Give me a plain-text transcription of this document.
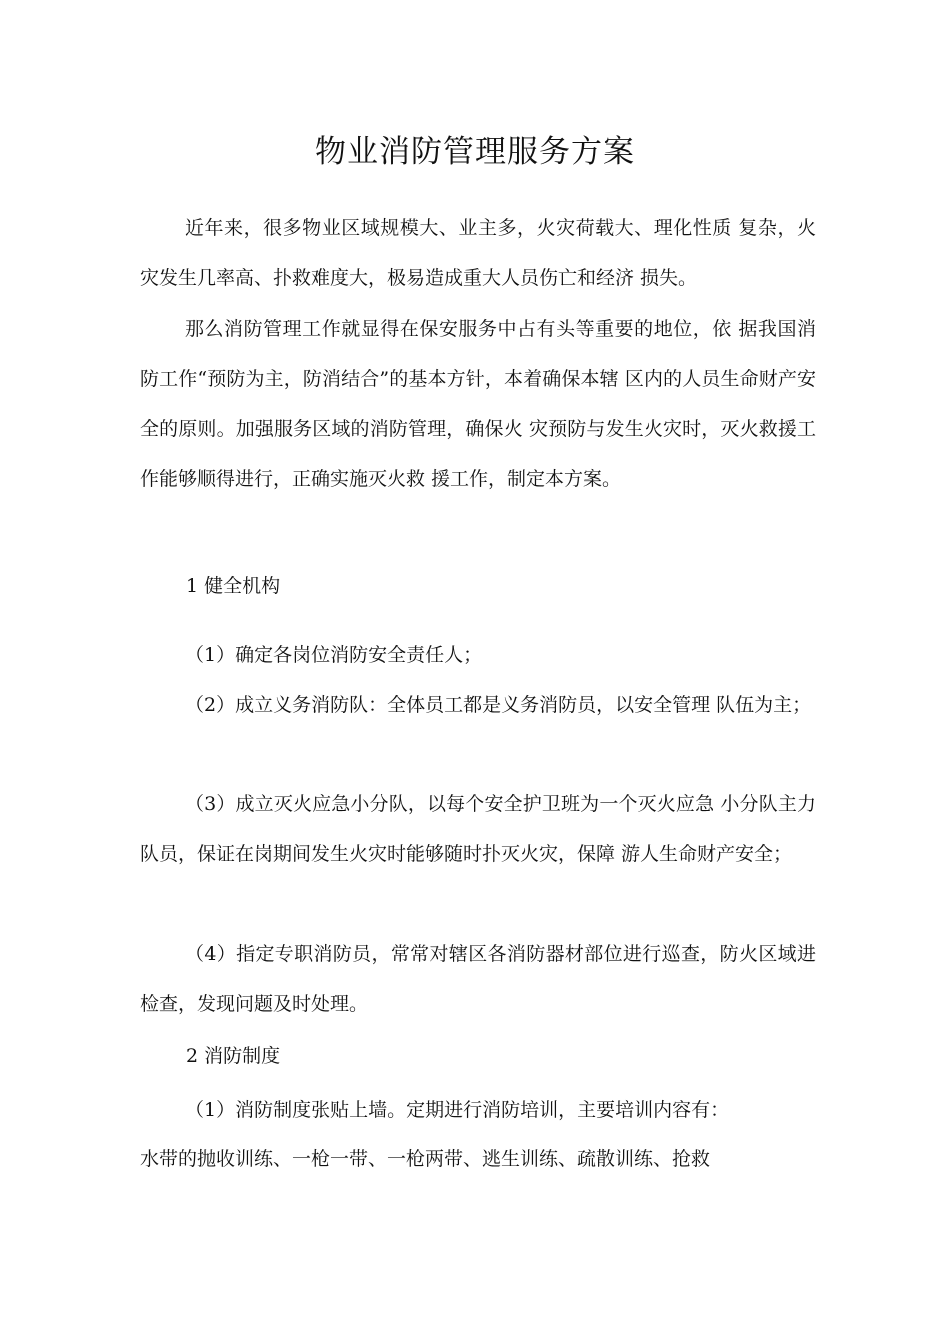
物业消防管理服务方案

近年来，很多物业区域规模大、业主多，火灾荷载大、理化性质 复杂，火灾发生几率高、扑救难度大，极易造成重大人员伤亡和经济 损失。

那么消防管理工作就显得在保安服务中占有头等重要的地位，依 据我国消防工作“预防为主，防消结合”的基本方针，本着确保本辖 区内的人员生命财产安全的原则。加强服务区域的消防管理，确保火 灾预防与发生火灾时，灭火救援工作能够顺得进行，正确实施灭火救 援工作，制定本方案。

1 健全机构

（1）确定各岗位消防安全责任人；

（2）成立义务消防队：全体员工都是义务消防员，以安全管理 队伍为主；

（3）成立灭火应急小分队，以每个安全护卫班为一个灭火应急 小分队主力队员，保证在岗期间发生火灾时能够随时扑灭火灾，保障 游人生命财产安全；

（4）指定专职消防员，常常对辖区各消防器材部位进行巡查，防火区域进检查，发现问题及时处理。

2 消防制度

（1）消防制度张贴上墙。定期进行消防培训，主要培训内容有：

水带的抛收训练、一枪一带、一枪两带、逃生训练、疏散训练、抢救
